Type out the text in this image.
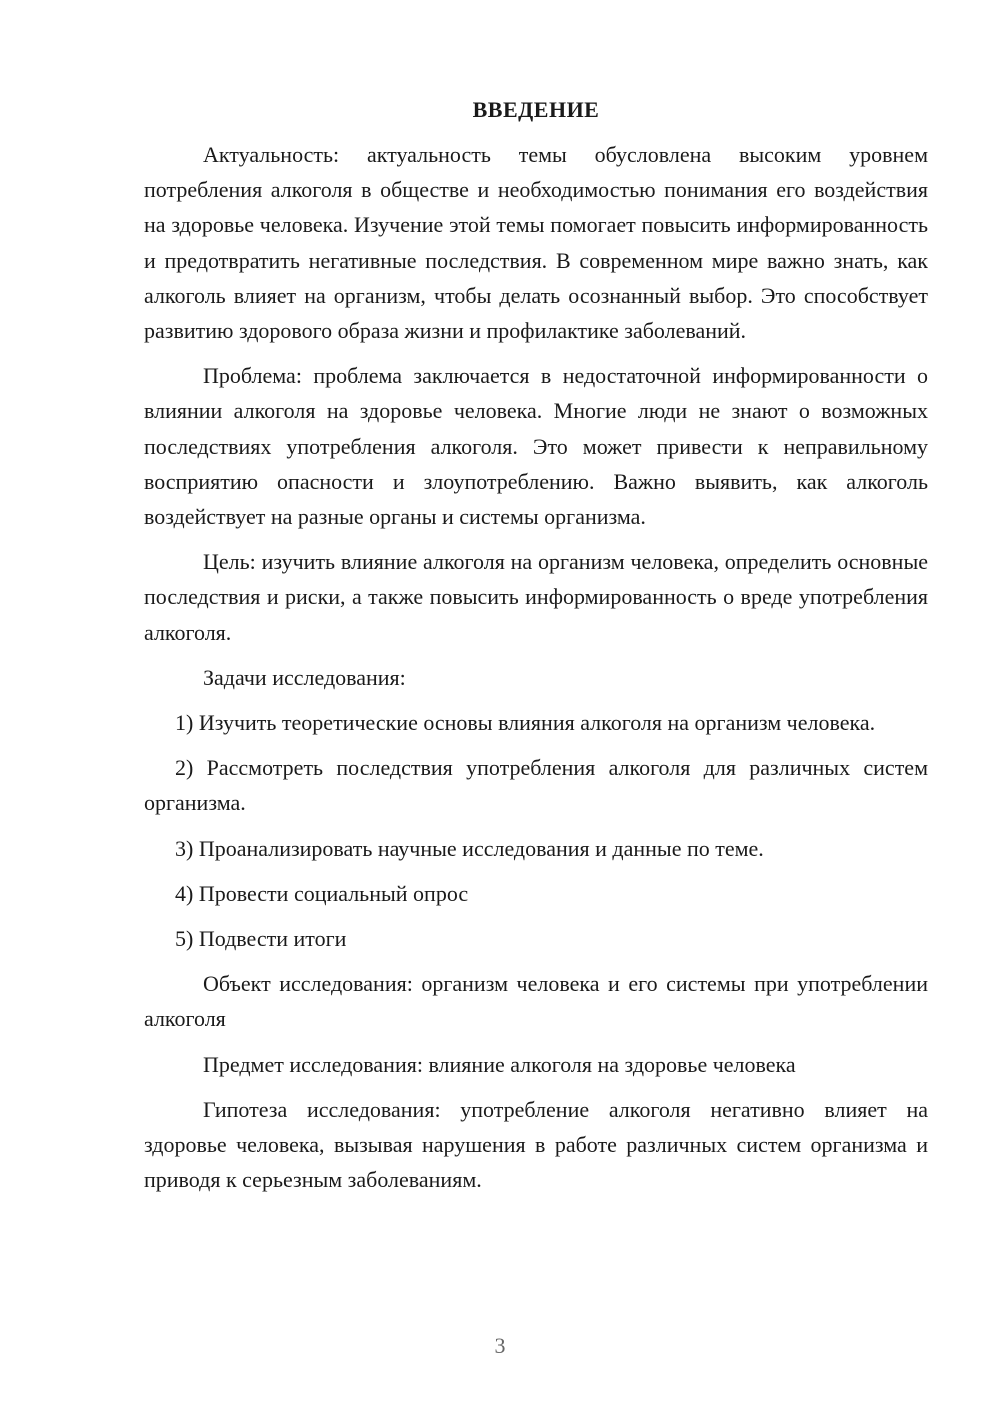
ВВЕДЕНИЕ

Актуальность: актуальность темы обусловлена высоким уровнем потребления алкоголя в обществе и необходимостью понимания его воздействия на здоровье человека. Изучение этой темы помогает повысить информированность и предотвратить негативные последствия. В современном мире важно знать, как алкоголь влияет на организм, чтобы делать осознанный выбор. Это способствует развитию здорового образа жизни и профилактике заболеваний.

Проблема: проблема заключается в недостаточной информированности о влиянии алкоголя на здоровье человека. Многие люди не знают о возможных последствиях употребления алкоголя. Это может привести к неправильному восприятию опасности и злоупотреблению. Важно выявить, как алкоголь воздействует на разные органы и системы организма.

Цель: изучить влияние алкоголя на организм человека, определить основные последствия и риски, а также повысить информированность о вреде употребления алкоголя.

Задачи исследования:

1) Изучить теоретические основы влияния алкоголя на организм человека.

2) Рассмотреть последствия употребления алкоголя для различных систем организма.

3) Проанализировать научные исследования и данные по теме.

4) Провести социальный опрос

5) Подвести итоги

Объект исследования: организм человека и его системы при употреблении алкоголя

Предмет исследования: влияние алкоголя на здоровье человека

Гипотеза исследования: употребление алкоголя негативно влияет на здоровье человека, вызывая нарушения в работе различных систем организма и приводя к серьезным заболеваниям.

3
